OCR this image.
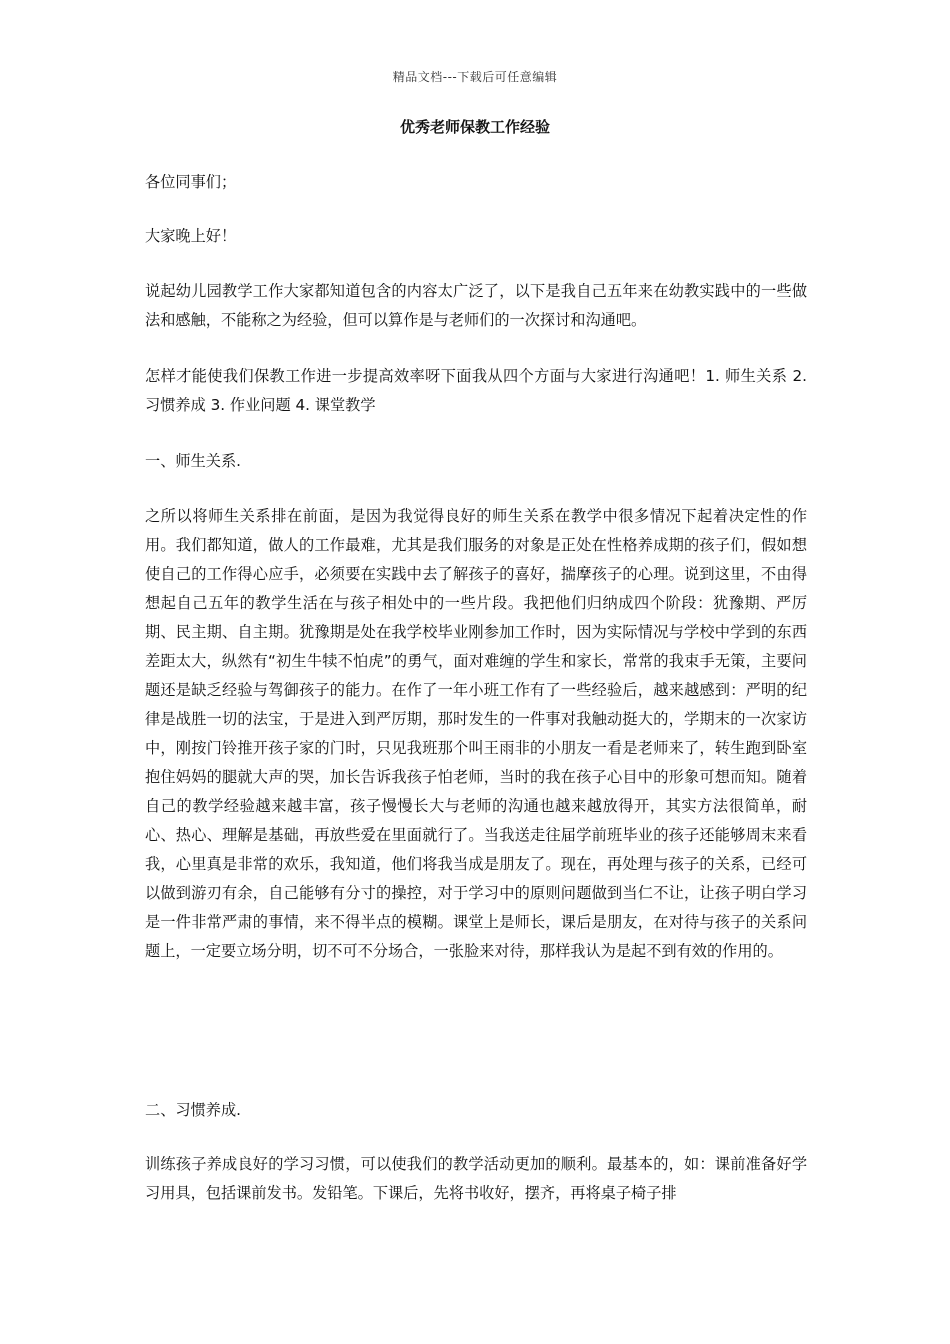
精品文档---下载后可任意编辑
优秀老师保教工作经验

各位同事们；

大家晚上好！

说起幼儿园教学工作大家都知道包含的内容太广泛了，以下是我自己五年来在幼教实践中的一些做法和感触，不能称之为经验，但可以算作是与老师们的一次探讨和沟通吧。

怎样才能使我们保教工作进一步提高效率呀下面我从四个方面与大家进行沟通吧！1. 师生关系 2. 习惯养成 3. 作业问题 4. 课堂教学

一、师生关系.

之所以将师生关系排在前面，是因为我觉得良好的师生关系在教学中很多情况下起着决定性的作用。我们都知道，做人的工作最难，尤其是我们服务的对象是正处在性格养成期的孩子们，假如想使自己的工作得心应手，必须要在实践中去了解孩子的喜好，揣摩孩子的心理。说到这里，不由得想起自己五年的教学生活在与孩子相处中的一些片段。我把他们归纳成四个阶段：犹豫期、严厉期、民主期、自主期。犹豫期是处在我学校毕业刚参加工作时，因为实际情况与学校中学到的东西差距太大，纵然有“初生牛犊不怕虎”的勇气，面对难缠的学生和家长，常常的我束手无策，主要问题还是缺乏经验与驾御孩子的能力。在作了一年小班工作有了一些经验后，越来越感到：严明的纪律是战胜一切的法宝，于是进入到严厉期，那时发生的一件事对我触动挺大的，学期末的一次家访中，刚按门铃推开孩子家的门时，只见我班那个叫王雨非的小朋友一看是老师来了，转生跑到卧室抱住妈妈的腿就大声的哭，加长告诉我孩子怕老师，当时的我在孩子心目中的形象可想而知。随着自己的教学经验越来越丰富，孩子慢慢长大与老师的沟通也越来越放得开，其实方法很简单，耐心、热心、理解是基础，再放些爱在里面就行了。当我送走往届学前班毕业的孩子还能够周末来看我，心里真是非常的欢乐，我知道，他们将我当成是朋友了。现在，再处理与孩子的关系，已经可以做到游刃有余，自己能够有分寸的操控，对于学习中的原则问题做到当仁不让，让孩子明白学习是一件非常严肃的事情，来不得半点的模糊。课堂上是师长，课后是朋友，在对待与孩子的关系问题上，一定要立场分明，切不可不分场合，一张脸来对待，那样我认为是起不到有效的作用的。

二、习惯养成.

训练孩子养成良好的学习习惯，可以使我们的教学活动更加的顺利。最基本的，如：课前准备好学习用具，包括课前发书。发铅笔。下课后，先将书收好，摆齐，再将桌子椅子排
